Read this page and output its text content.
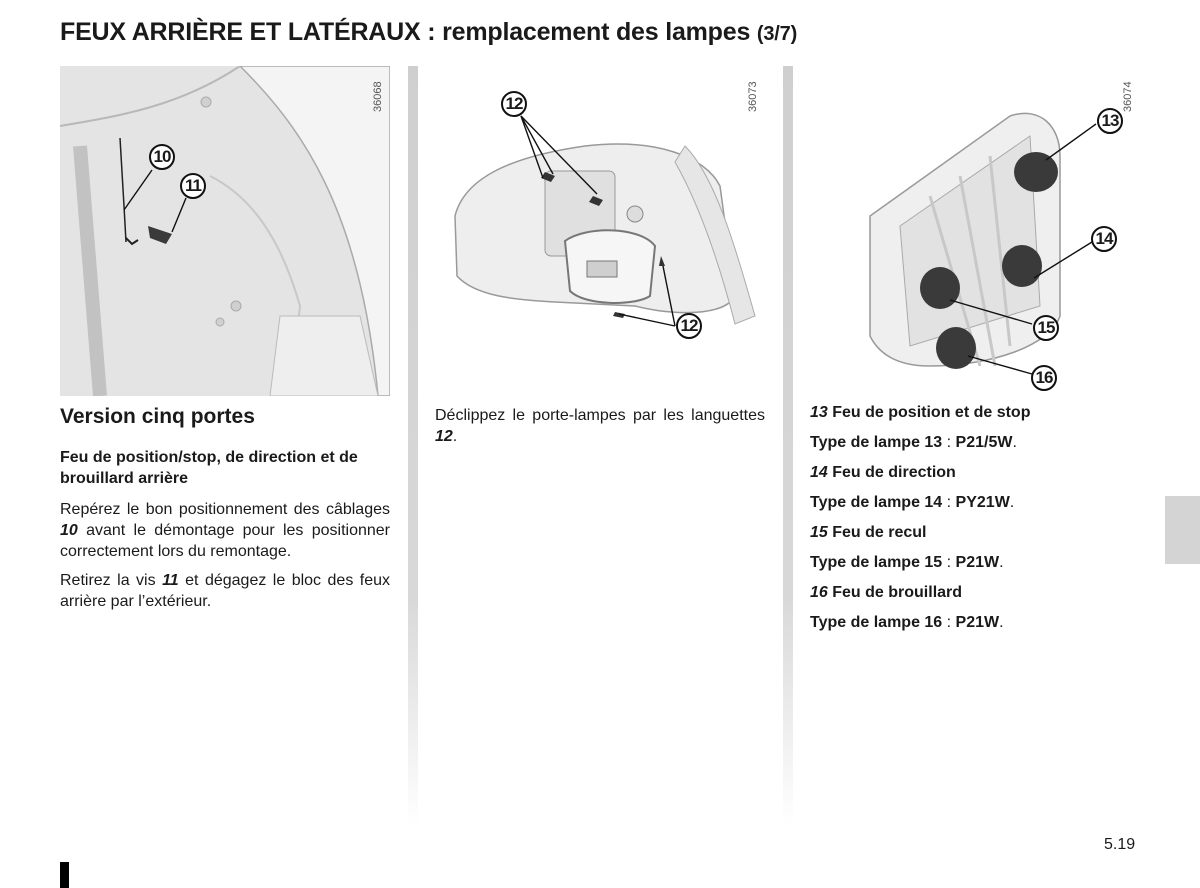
FEUX ARRIÈRE ET LATÉRAUX : remplacement des lampes (3/7)
36068
10
11
Version cinq portes

Feu de position/stop, de direction et de brouillard arrière

Repérez le bon positionnement des câblages 10 avant le démontage pour les positionner correctement lors du remontage.

Retirez la vis 11 et dégagez le bloc des feux arrière par l’extérieur.

36073
12
12

Déclippez le porte-lampes par les languettes 12.

36074
13
14
15
16

13 Feu de position et de stop

Type de lampe 13 : P21/5W.

14 Feu de direction

Type de lampe 14 : PY21W.

15 Feu de recul

Type de lampe 15 : P21W.

16 Feu de brouillard

Type de lampe 16 : P21W.

5.19
